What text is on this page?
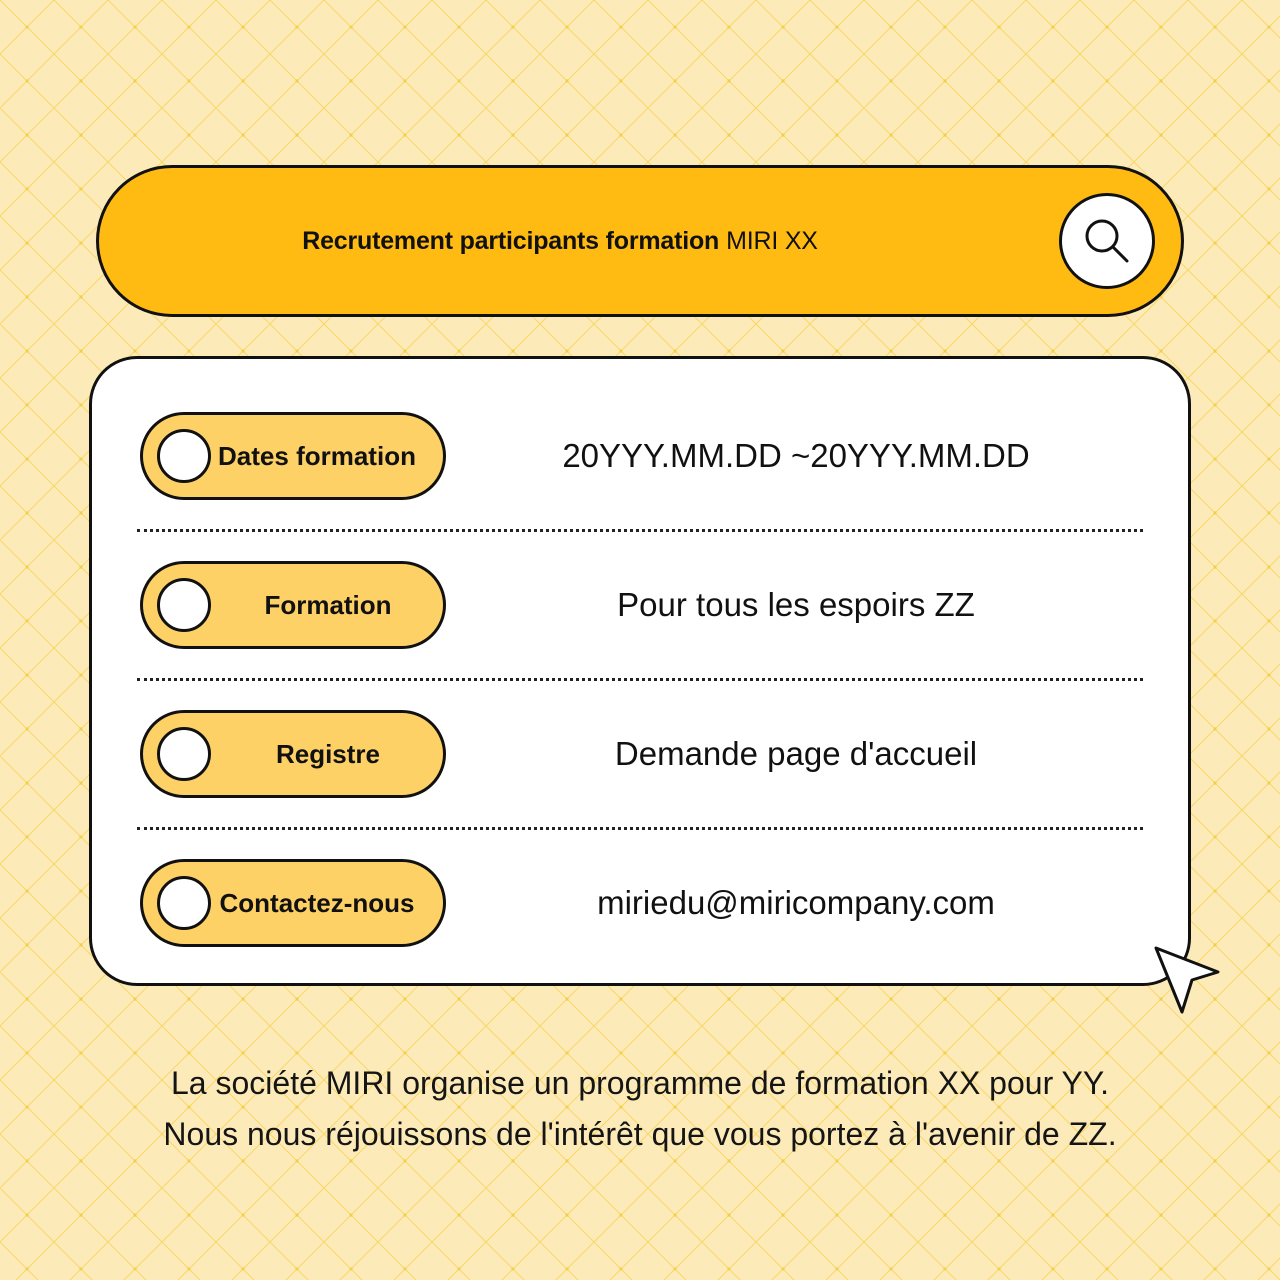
Recrutement participants formation MIRI XX
Dates formation	20YYY.MM.DD ~20YYY.MM.DD
Formation	Pour tous les espoirs ZZ
Registre	Demande page d'accueil
Contactez-nous	miriedu@miricompany.com
La société MIRI organise un programme de formation XX pour YY.
Nous nous réjouissons de l'intérêt que vous portez à l'avenir de ZZ.
